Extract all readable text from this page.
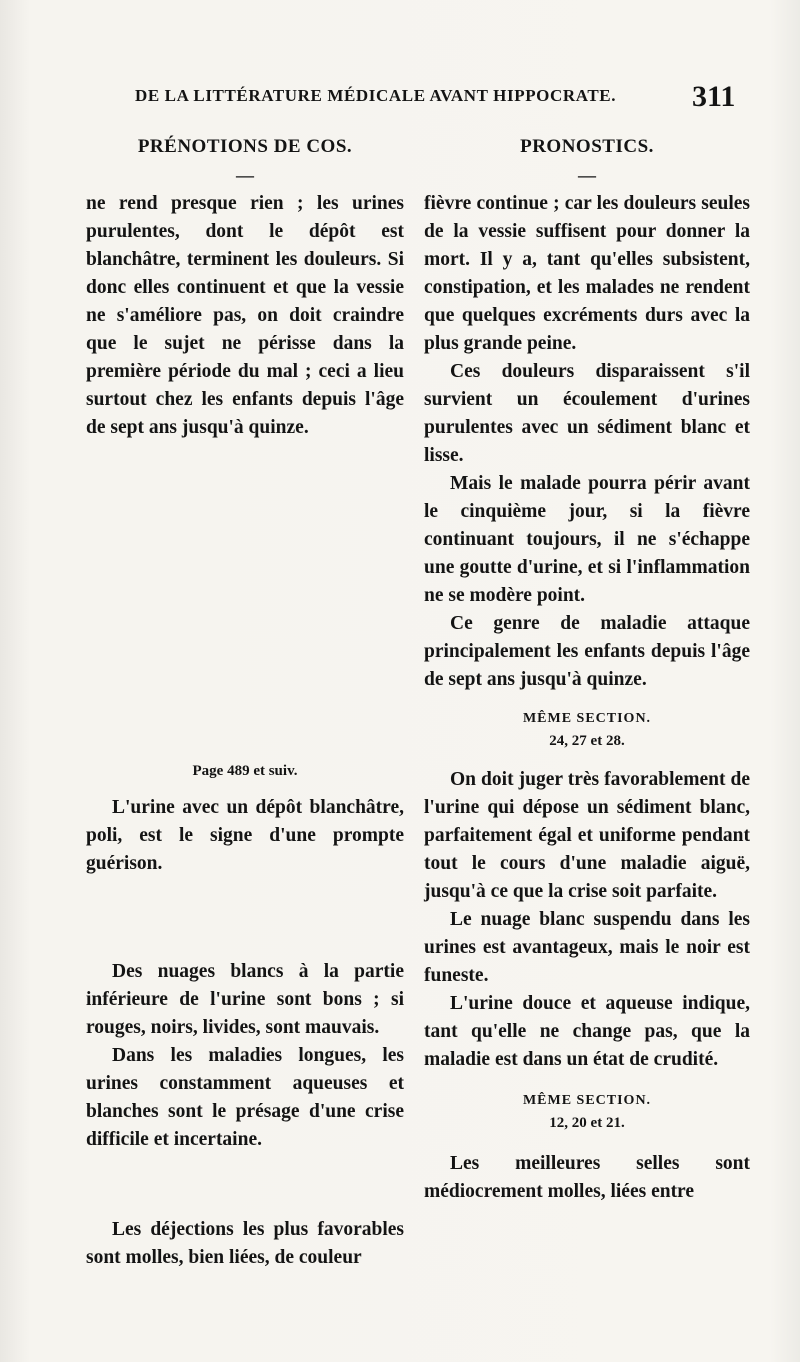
DE LA LITTÉRATURE MÉDICALE AVANT HIPPOCRATE.	311
PRÉNOTIONS DE COS.
—

ne rend presque rien ; les urines purulentes, dont le dépôt est blanchâtre, terminent les douleurs. Si donc elles continuent et que la vessie ne s'améliore pas, on doit craindre que le sujet ne périsse dans la première période du mal ; ceci a lieu surtout chez les enfants depuis l'âge de sept ans jusqu'à quinze.

Page 489 et suiv.

L'urine avec un dépôt blanchâtre, poli, est le signe d'une prompte guérison.

Des nuages blancs à la partie inférieure de l'urine sont bons ; si rouges, noirs, livides, sont mauvais.

Dans les maladies longues, les urines constamment aqueuses et blanches sont le présage d'une crise difficile et incertaine.

Les déjections les plus favorables sont molles, bien liées, de couleur

PRONOSTICS.
—

fièvre continue ; car les douleurs seules de la vessie suffisent pour donner la mort. Il y a, tant qu'elles subsistent, constipation, et les malades ne rendent que quelques excréments durs avec la plus grande peine.

Ces douleurs disparaissent s'il survient un écoulement d'urines purulentes avec un sédiment blanc et lisse.

Mais le malade pourra périr avant le cinquième jour, si la fièvre continuant toujours, il ne s'échappe une goutte d'urine, et si l'inflammation ne se modère point.

Ce genre de maladie attaque principalement les enfants depuis l'âge de sept ans jusqu'à quinze.

MÊME SECTION.

24, 27 et 28.

On doit juger très favorablement de l'urine qui dépose un sédiment blanc, parfaitement égal et uniforme pendant tout le cours d'une maladie aiguë, jusqu'à ce que la crise soit parfaite.

Le nuage blanc suspendu dans les urines est avantageux, mais le noir est funeste.

L'urine douce et aqueuse indique, tant qu'elle ne change pas, que la maladie est dans un état de crudité.

MÊME SECTION.

12, 20 et 21.

Les meilleures selles sont médiocrement molles, liées entre
